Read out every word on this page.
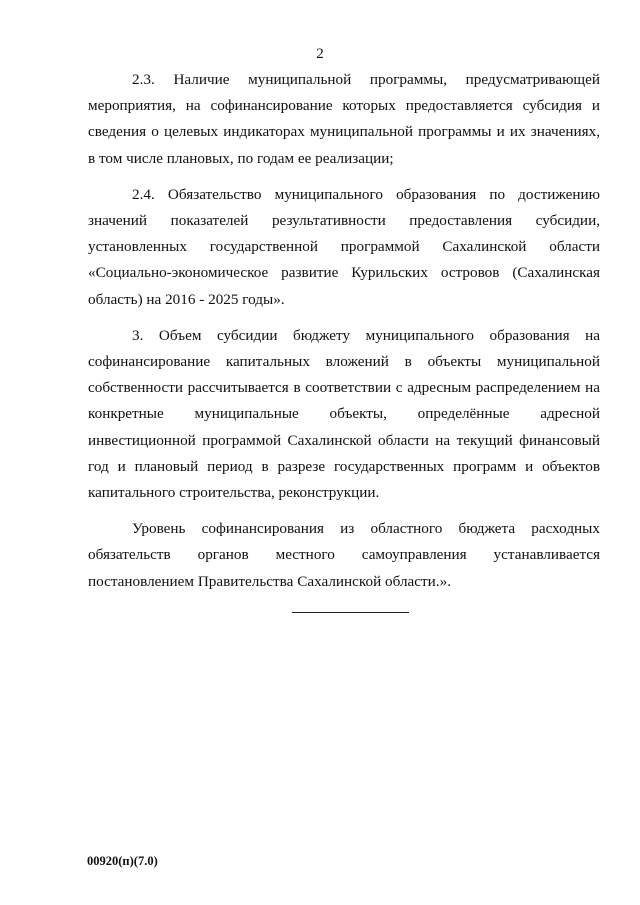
2

2.3. Наличие муниципальной программы, предусматривающей мероприятия, на софинансирование которых предоставляется субсидия и сведения о целевых индикаторах муниципальной программы и их значениях, в том числе плановых, по годам ее реализации;

2.4. Обязательство муниципального образования по достижению значений показателей результативности предоставления субсидии, установленных государственной программой Сахалинской области «Социально-экономическое развитие Курильских островов (Сахалинская область) на 2016 - 2025 годы».

3. Объем субсидии бюджету муниципального образования на софинансирование капитальных вложений в объекты муниципальной собственности рассчитывается в соответствии с адресным распределением на конкретные муниципальные объекты, определённые адресной инвестиционной программой Сахалинской области на текущий финансовый год и плановый период в разрезе государственных программ и объектов капитального строительства, реконструкции.

Уровень софинансирования из областного бюджета расходных обязательств органов местного самоуправления устанавливается постановлением Правительства Сахалинской области.».

00920(п)(7.0)
